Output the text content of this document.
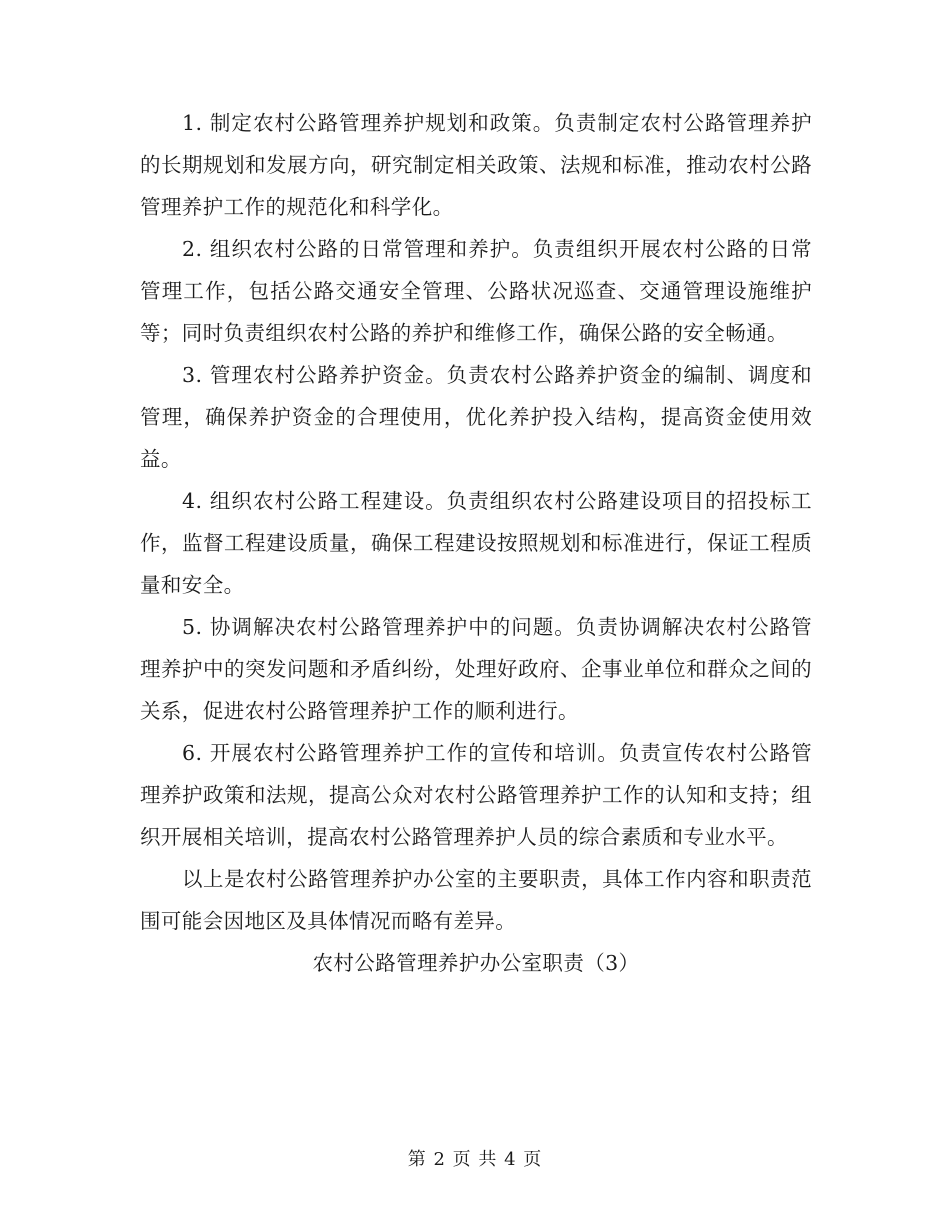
1. 制定农村公路管理养护规划和政策。负责制定农村公路管理养护的长期规划和发展方向，研究制定相关政策、法规和标准，推动农村公路管理养护工作的规范化和科学化。

2. 组织农村公路的日常管理和养护。负责组织开展农村公路的日常管理工作，包括公路交通安全管理、公路状况巡查、交通管理设施维护等；同时负责组织农村公路的养护和维修工作，确保公路的安全畅通。

3. 管理农村公路养护资金。负责农村公路养护资金的编制、调度和管理，确保养护资金的合理使用，优化养护投入结构，提高资金使用效益。

4. 组织农村公路工程建设。负责组织农村公路建设项目的招投标工作，监督工程建设质量，确保工程建设按照规划和标准进行，保证工程质量和安全。

5. 协调解决农村公路管理养护中的问题。负责协调解决农村公路管理养护中的突发问题和矛盾纠纷，处理好政府、企事业单位和群众之间的关系，促进农村公路管理养护工作的顺利进行。

6. 开展农村公路管理养护工作的宣传和培训。负责宣传农村公路管理养护政策和法规，提高公众对农村公路管理养护工作的认知和支持；组织开展相关培训，提高农村公路管理养护人员的综合素质和专业水平。

以上是农村公路管理养护办公室的主要职责，具体工作内容和职责范围可能会因地区及具体情况而略有差异。

农村公路管理养护办公室职责（3）

第 2 页 共 4 页
